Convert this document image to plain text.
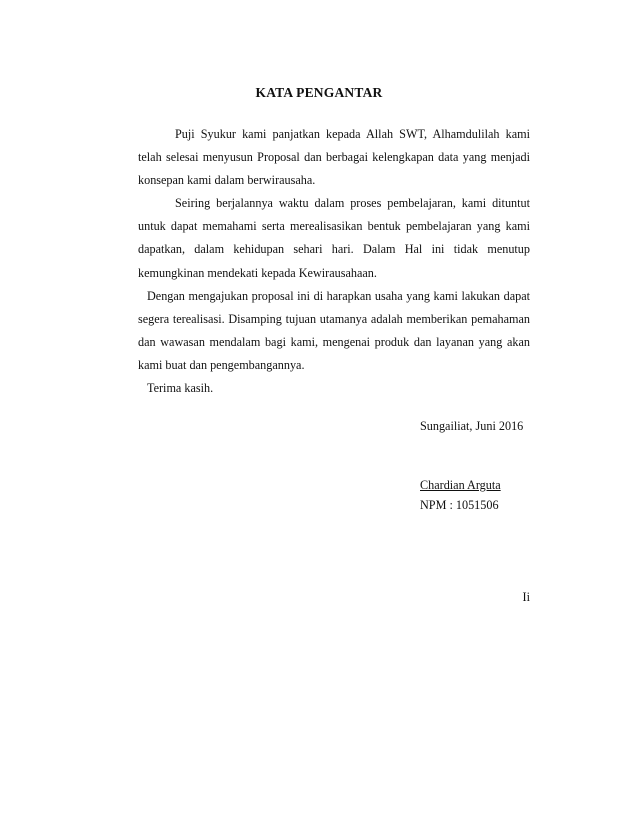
KATA PENGANTAR

Puji Syukur kami panjatkan kepada Allah SWT, Alhamdulilah kami telah selesai menyusun Proposal dan berbagai kelengkapan data yang menjadi konsepan kami dalam berwirausaha.

Seiring berjalannya waktu dalam proses pembelajaran, kami dituntut untuk dapat memahami serta merealisasikan bentuk pembelajaran yang kami dapatkan, dalam kehidupan sehari hari. Dalam Hal ini tidak menutup kemungkinan mendekati kepada Kewirausahaan.

Dengan mengajukan proposal ini di harapkan usaha yang kami lakukan dapat segera terealisasi. Disamping tujuan utamanya adalah memberikan pemahaman dan wawasan mendalam bagi kami, mengenai produk dan layanan yang akan kami buat dan pengembangannya.

Terima kasih.

Sungailiat, Juni 2016
Chardian Arguta
NPM : 1051506
Ii
